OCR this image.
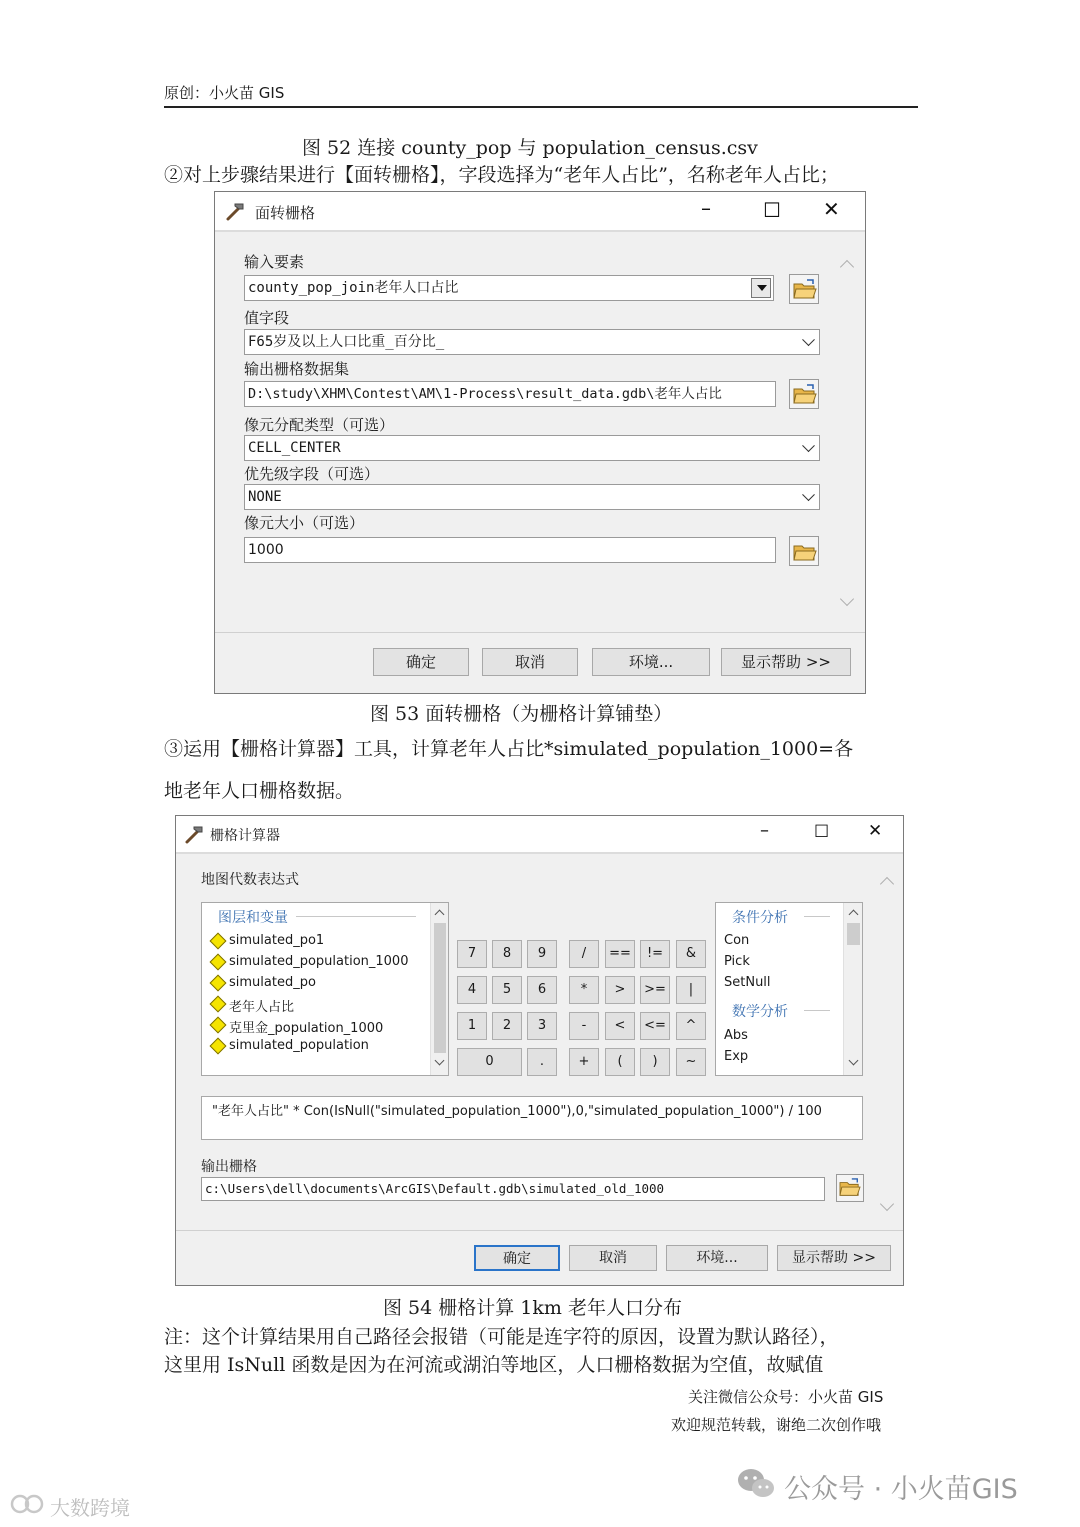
原创：小火苗 GIS
图 52 连接 county_pop 与 population_census.csv
②对上步骤结果进行【面转栅格】，字段选择为“老年人占比”，名称老年人占比；
面转栅格	–	☐ ✕
输入要素
county_pop_join老年人口占比
值字段
F65岁及以上人口比重_百分比_
输出栅格数据集
D:\study\XHM\Contest\AM\1-Process\result_data.gdb\老年人占比
像元分配类型（可选）
CELL_CENTER
优先级字段（可选）
NONE
像元大小（可选）
1000
确定	取消	环境...	显示帮助 >>
图 53 面转栅格（为栅格计算铺垫）
③运用【栅格计算器】工具，计算老年人占比*simulated_population_1000=各
地老年人口栅格数据。
栅格计算器	–	☐ ✕
地图代数表达式
图层和变量
simulated_po1
simulated_population_1000
simulated_po
老年人占比
克里金_population_1000
simulated_population
条件分析
Con
Pick
SetNull
数学分析
Abs
Exp
"老年人占比" * Con(IsNull("simulated_population_1000"),0,"simulated_population_1000") / 100
输出栅格
c:\Users\dell\documents\ArcGIS\Default.gdb\simulated_old_1000
确定	取消	环境...	显示帮助 >>
7	8	9	/	==	!=	&
4	5	6	*	>	>=	|
1	2	3	-	<	<=	^
0	.	+	(	)	~
图 54 栅格计算 1km 老年人口分布
注：这个计算结果用自己路径会报错（可能是连字符的原因，设置为默认路径），
这里用 IsNull 函数是因为在河流或湖泊等地区，人口栅格数据为空值，故赋值
关注微信公众号：小火苗 GIS
欢迎规范转载，谢绝二次创作哦
公众号 · 小火苗GIS
大数跨境
